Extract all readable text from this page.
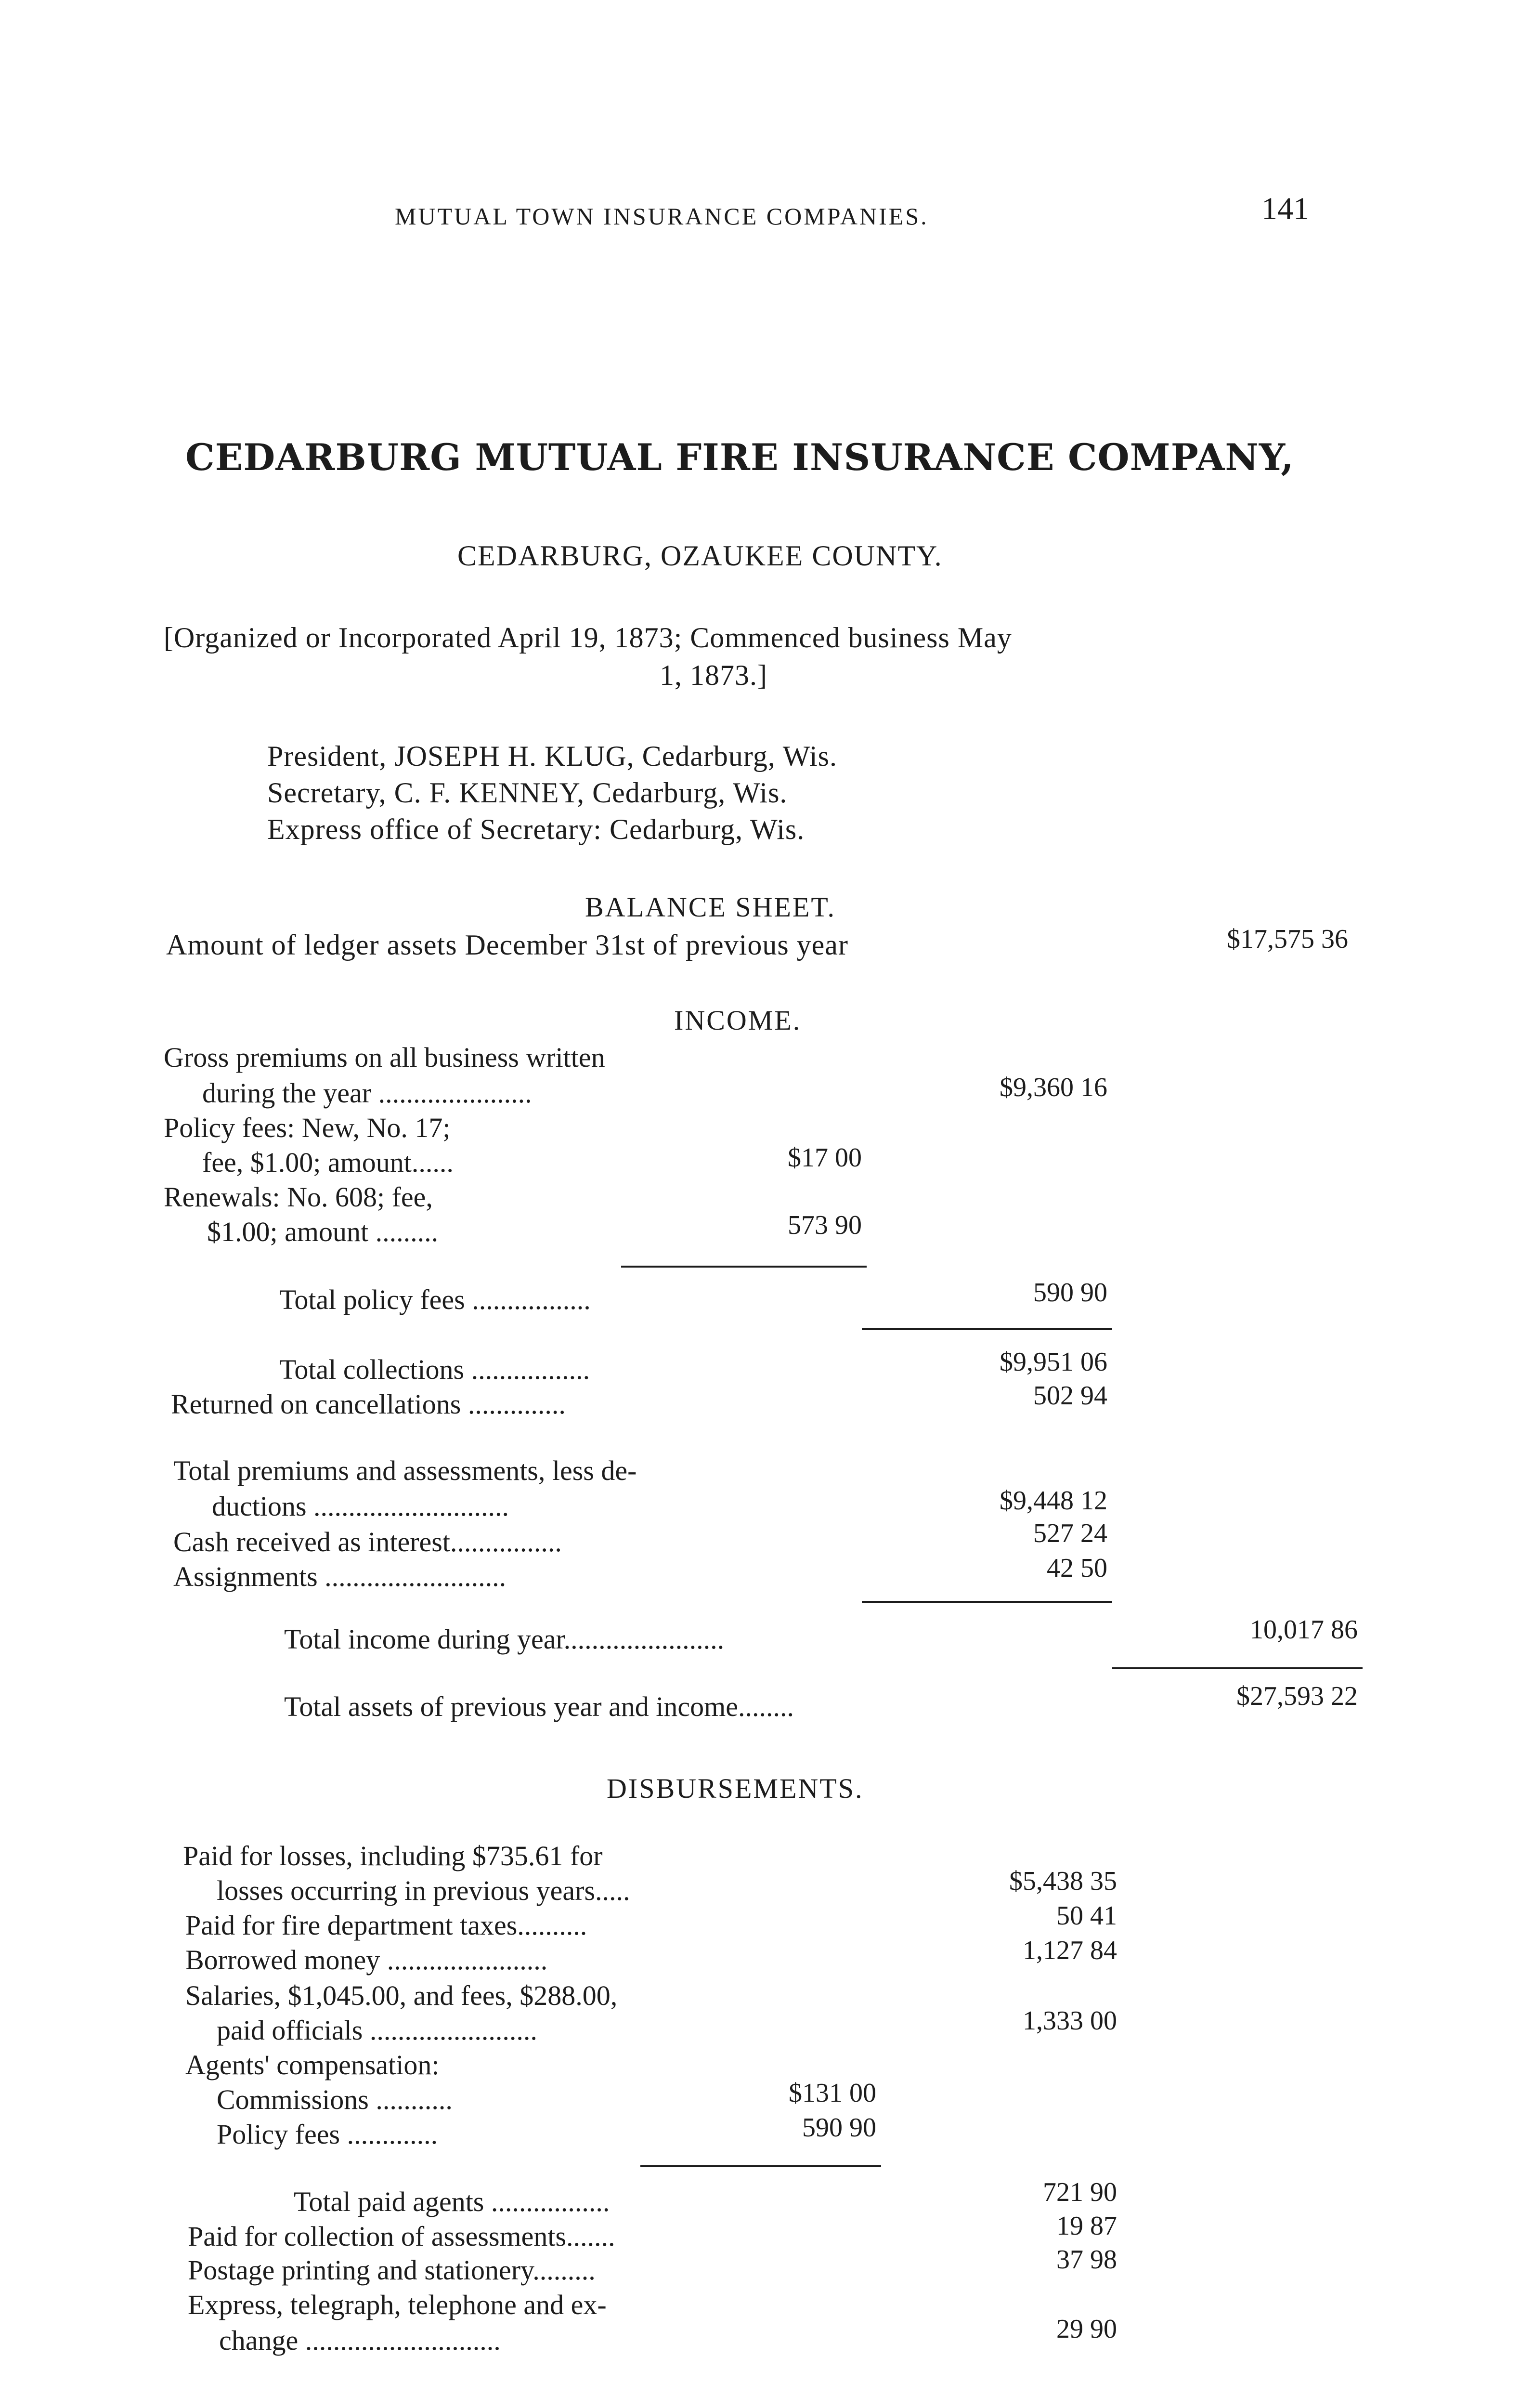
MUTUAL TOWN INSURANCE COMPANIES.	141
CEDARBURG MUTUAL FIRE INSURANCE COMPANY,
CEDARBURG, OZAUKEE COUNTY.
[Organized or Incorporated April 19, 1873; Commenced business May
1, 1873.]
President, JOSEPH H. KLUG, Cedarburg, Wis.
Secretary, C. F. KENNEY, Cedarburg, Wis.
Express office of Secretary: Cedarburg, Wis.
BALANCE SHEET.
Amount of ledger assets December 31st of previous year	$17,575 36
INCOME.
Gross premiums on all business written
during the year ......................	$9,360 16
Policy fees: New, No. 17;
fee, $1.00; amount......	$17 00
Renewals: No. 608; fee,
$1.00; amount .........	573 90
Total policy fees .................	590 90
Total collections .................	$9,951 06
Returned on cancellations ..............	502 94
Total premiums and assessments, less de-
ductions ............................	$9,448 12
Cash received as interest................	527 24
Assignments ..........................	42 50
Total income during year.......................	10,017 86
Total assets of previous year and income........	$27,593 22
DISBURSEMENTS.
Paid for losses, including $735.61 for
losses occurring in previous years.....	$5,438 35
Paid for fire department taxes..........	50 41
Borrowed money .......................	1,127 84
Salaries, $1,045.00, and fees, $288.00,
paid officials ........................	1,333 00
Agents' compensation:
Commissions ...........	$131 00
Policy fees .............	590 90
Total paid agents .................	721 90
Paid for collection of assessments.......	19 87
Postage printing and stationery.........	37 98
Express, telegraph, telephone and ex-
change ............................	29 90
